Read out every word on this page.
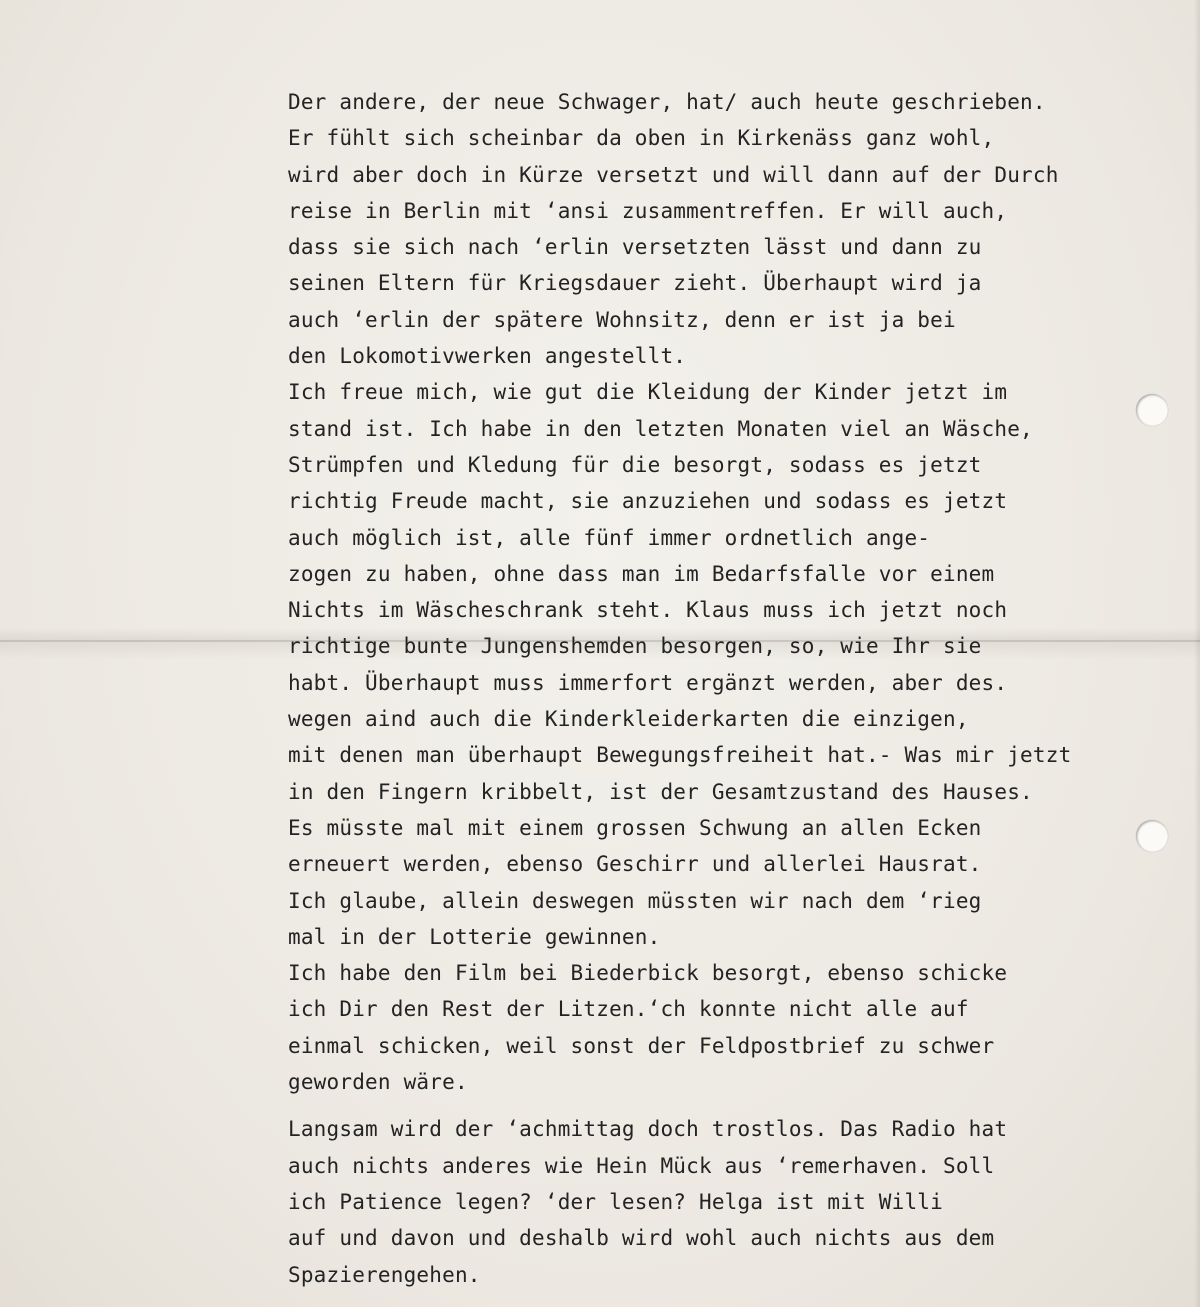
Der andere, der neue Schwager, hat/ auch heute geschrieben.
Er fühlt sich scheinbar da oben in Kirkenäss ganz wohl,
wird aber doch in Kürze versetzt und will dann auf der Durch
reise in Berlin mit ‘ansi zusammentreffen. Er will auch,
dass sie sich nach ‘erlin versetzten lässt und dann zu
seinen Eltern für Kriegsdauer zieht. Überhaupt wird ja
auch ‘erlin der spätere Wohnsitz, denn er ist ja bei
den Lokomotivwerken angestellt.
Ich freue mich, wie gut die Kleidung der Kinder jetzt im
stand ist. Ich habe in den letzten Monaten viel an Wäsche,
Strümpfen und Kledung für die besorgt, sodass es jetzt
richtig Freude macht, sie anzuziehen und sodass es jetzt
auch möglich ist, alle fünf immer ordnetlich ange-
zogen zu haben, ohne dass man im Bedarfsfalle vor einem
Nichts im Wäscheschrank steht. Klaus muss ich jetzt noch
richtige bunte Jungenshemden besorgen, so, wie Ihr sie
habt. Überhaupt muss immerfort ergänzt werden, aber des.
wegen aind auch die Kinderkleiderkarten die einzigen,
mit denen man überhaupt Bewegungsfreiheit hat.- Was mir jetzt
in den Fingern kribbelt, ist der Gesamtzustand des Hauses.
Es müsste mal mit einem grossen Schwung an allen Ecken
erneuert werden, ebenso Geschirr und allerlei Hausrat.
Ich glaube, allein deswegen müssten wir nach dem ‘rieg
mal in der Lotterie gewinnen.
Ich habe den Film bei Biederbick besorgt, ebenso schicke
ich Dir den Rest der Litzen.‘ch konnte nicht alle auf
einmal schicken, weil sonst der Feldpostbrief zu schwer
geworden wäre.
Langsam wird der ‘achmittag doch trostlos. Das Radio hat
auch nichts anderes wie Hein Mück aus ‘remerhaven. Soll
ich Patience legen? ‘der lesen? Helga ist mit Willi
auf und davon und deshalb wird wohl auch nichts aus dem
Spazierengehen.
